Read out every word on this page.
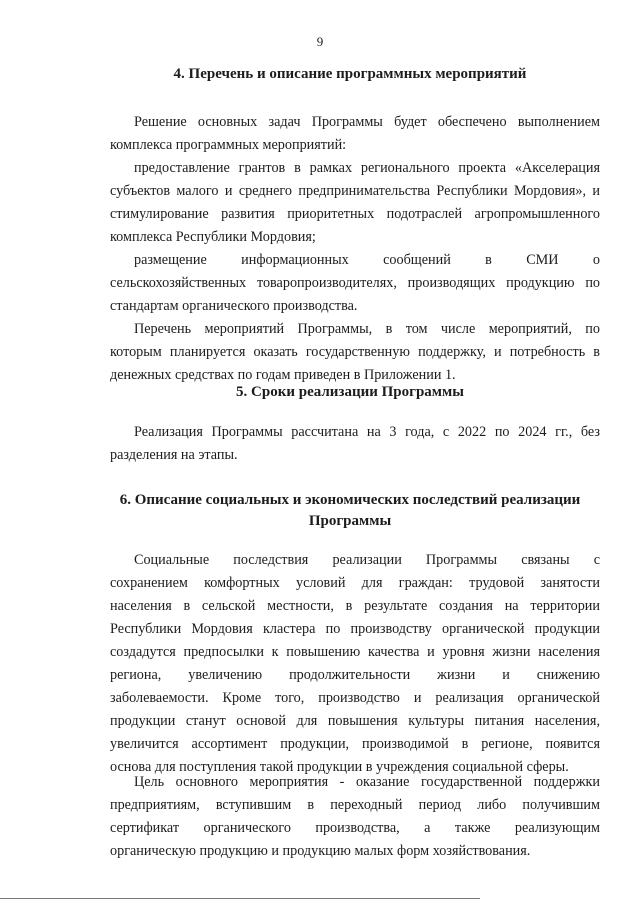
9
4. Перечень и описание программных мероприятий
Решение основных задач Программы будет обеспечено выполнением
комплекса программных мероприятий:
предоставление грантов в рамках регионального проекта «Акселерация
субъектов малого и среднего предпринимательства Республики Мордовия», и
стимулирование развития приоритетных подотраслей агропромышленного
комплекса Республики Мордовия;
размещение информационных сообщений в СМИ о
сельскохозяйственных товаропроизводителях, производящих продукцию по
стандартам органического производства.
Перечень мероприятий Программы, в том числе мероприятий, по
которым планируется оказать государственную поддержку, и потребность в
денежных средствах по годам приведен в Приложении 1.
5. Сроки реализации Программы
Реализация Программы рассчитана на 3 года, с 2022 по 2024 гг., без
разделения на этапы.
6. Описание социальных и экономических последствий реализации
Программы
Социальные последствия реализации Программы связаны с
сохранением комфортных условий для граждан: трудовой занятости
населения в сельской местности, в результате создания на территории
Республики Мордовия кластера по производству органической продукции
создадутся предпосылки к повышению качества и уровня жизни населения
региона, увеличению продолжительности жизни и снижению
заболеваемости. Кроме того, производство и реализация органической
продукции станут основой для повышения культуры питания населения,
увеличится ассортимент продукции, производимой в регионе, появится
основа для поступления такой продукции в учреждения социальной сферы.
Цель основного мероприятия - оказание государственной поддержки
предприятиям, вступившим в переходный период либо получившим
сертификат органического производства, а также реализующим
органическую продукцию и продукцию малых форм хозяйствования.
